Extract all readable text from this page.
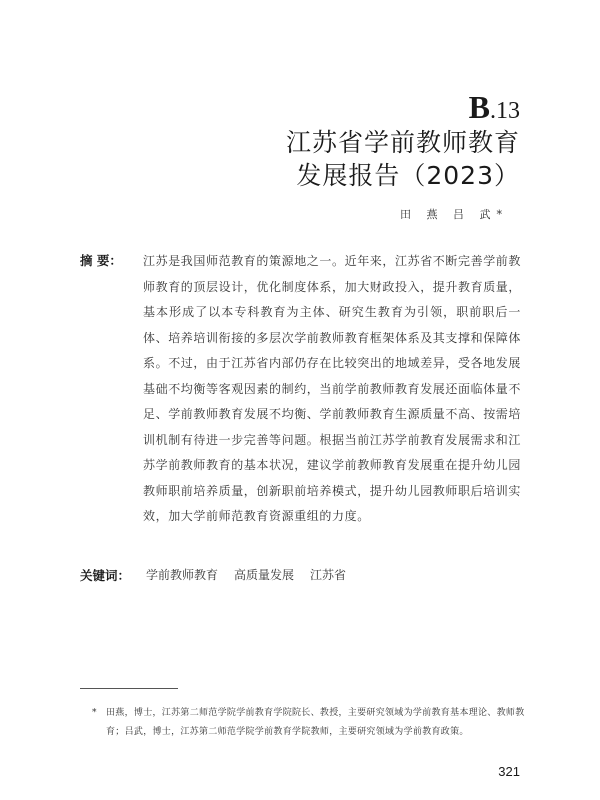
B.13
江苏省学前教师教育
发展报告（2023）
田 燕 吕 武*
摘 要： 江苏是我国师范教育的策源地之一。近年来，江苏省不断完善学前教师教育的顶层设计，优化制度体系，加大财政投入，提升教育质量，基本形成了以本专科教育为主体、研究生教育为引领，职前职后一体、培养培训衔接的多层次学前教师教育框架体系及其支撑和保障体系。不过，由于江苏省内部仍存在比较突出的地域差异，受各地发展基础不均衡等客观因素的制约，当前学前教师教育发展还面临体量不足、学前教师教育发展不均衡、学前教师教育生源质量不高、按需培训机制有待进一步完善等问题。根据当前江苏学前教育发展需求和江苏学前教师教育的基本状况，建议学前教师教育发展重在提升幼儿园教师职前培养质量，创新职前培养模式，提升幼儿园教师职后培训实效，加大学前师范教育资源重组的力度。
关键词： 学前教师教育 高质量发展 江苏省
* 田燕，博士，江苏第二师范学院学前教育学院院长、教授，主要研究领域为学前教育基本理论、教师教育；吕武，博士，江苏第二师范学院学前教育学院教师，主要研究领域为学前教育政策。
321
